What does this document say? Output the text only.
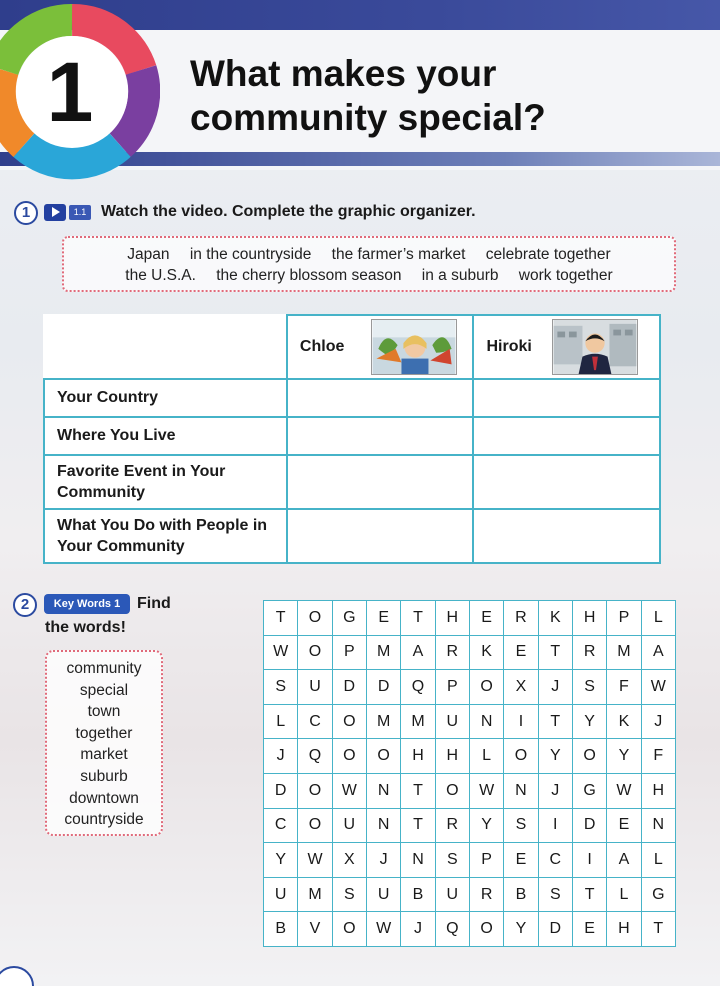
1	What makes your
community special?
1	1.1 Watch the video. Complete the graphic organizer.
Japan in the countryside the farmer’s market celebrate together
the U.S.A. the cherry blossom season in a suburb work together
	Chloe	Hiroki
Your Country		
Where You Live		
Favorite Event in Your Community		
What You Do with People in Your Community		
2	Key Words 1	Find
the words!
community
special
town
together
market
suburb
downtown
countryside
T	O	G	E	T	H	E	R	K	H	P	L
W	O	P	M	A	R	K	E	T	R	M	A
S	U	D	D	Q	P	O	X	J	S	F	W
L	C	O	M	M	U	N	I	T	Y	K	J
J	Q	O	O	H	H	L	O	Y	O	Y	F
D	O	W	N	T	O	W	N	J	G	W	H
C	O	U	N	T	R	Y	S	I	D	E	N
Y	W	X	J	N	S	P	E	C	I	A	L
U	M	S	U	B	U	R	B	S	T	L	G
B	V	O	W	J	Q	O	Y	D	E	H	T
